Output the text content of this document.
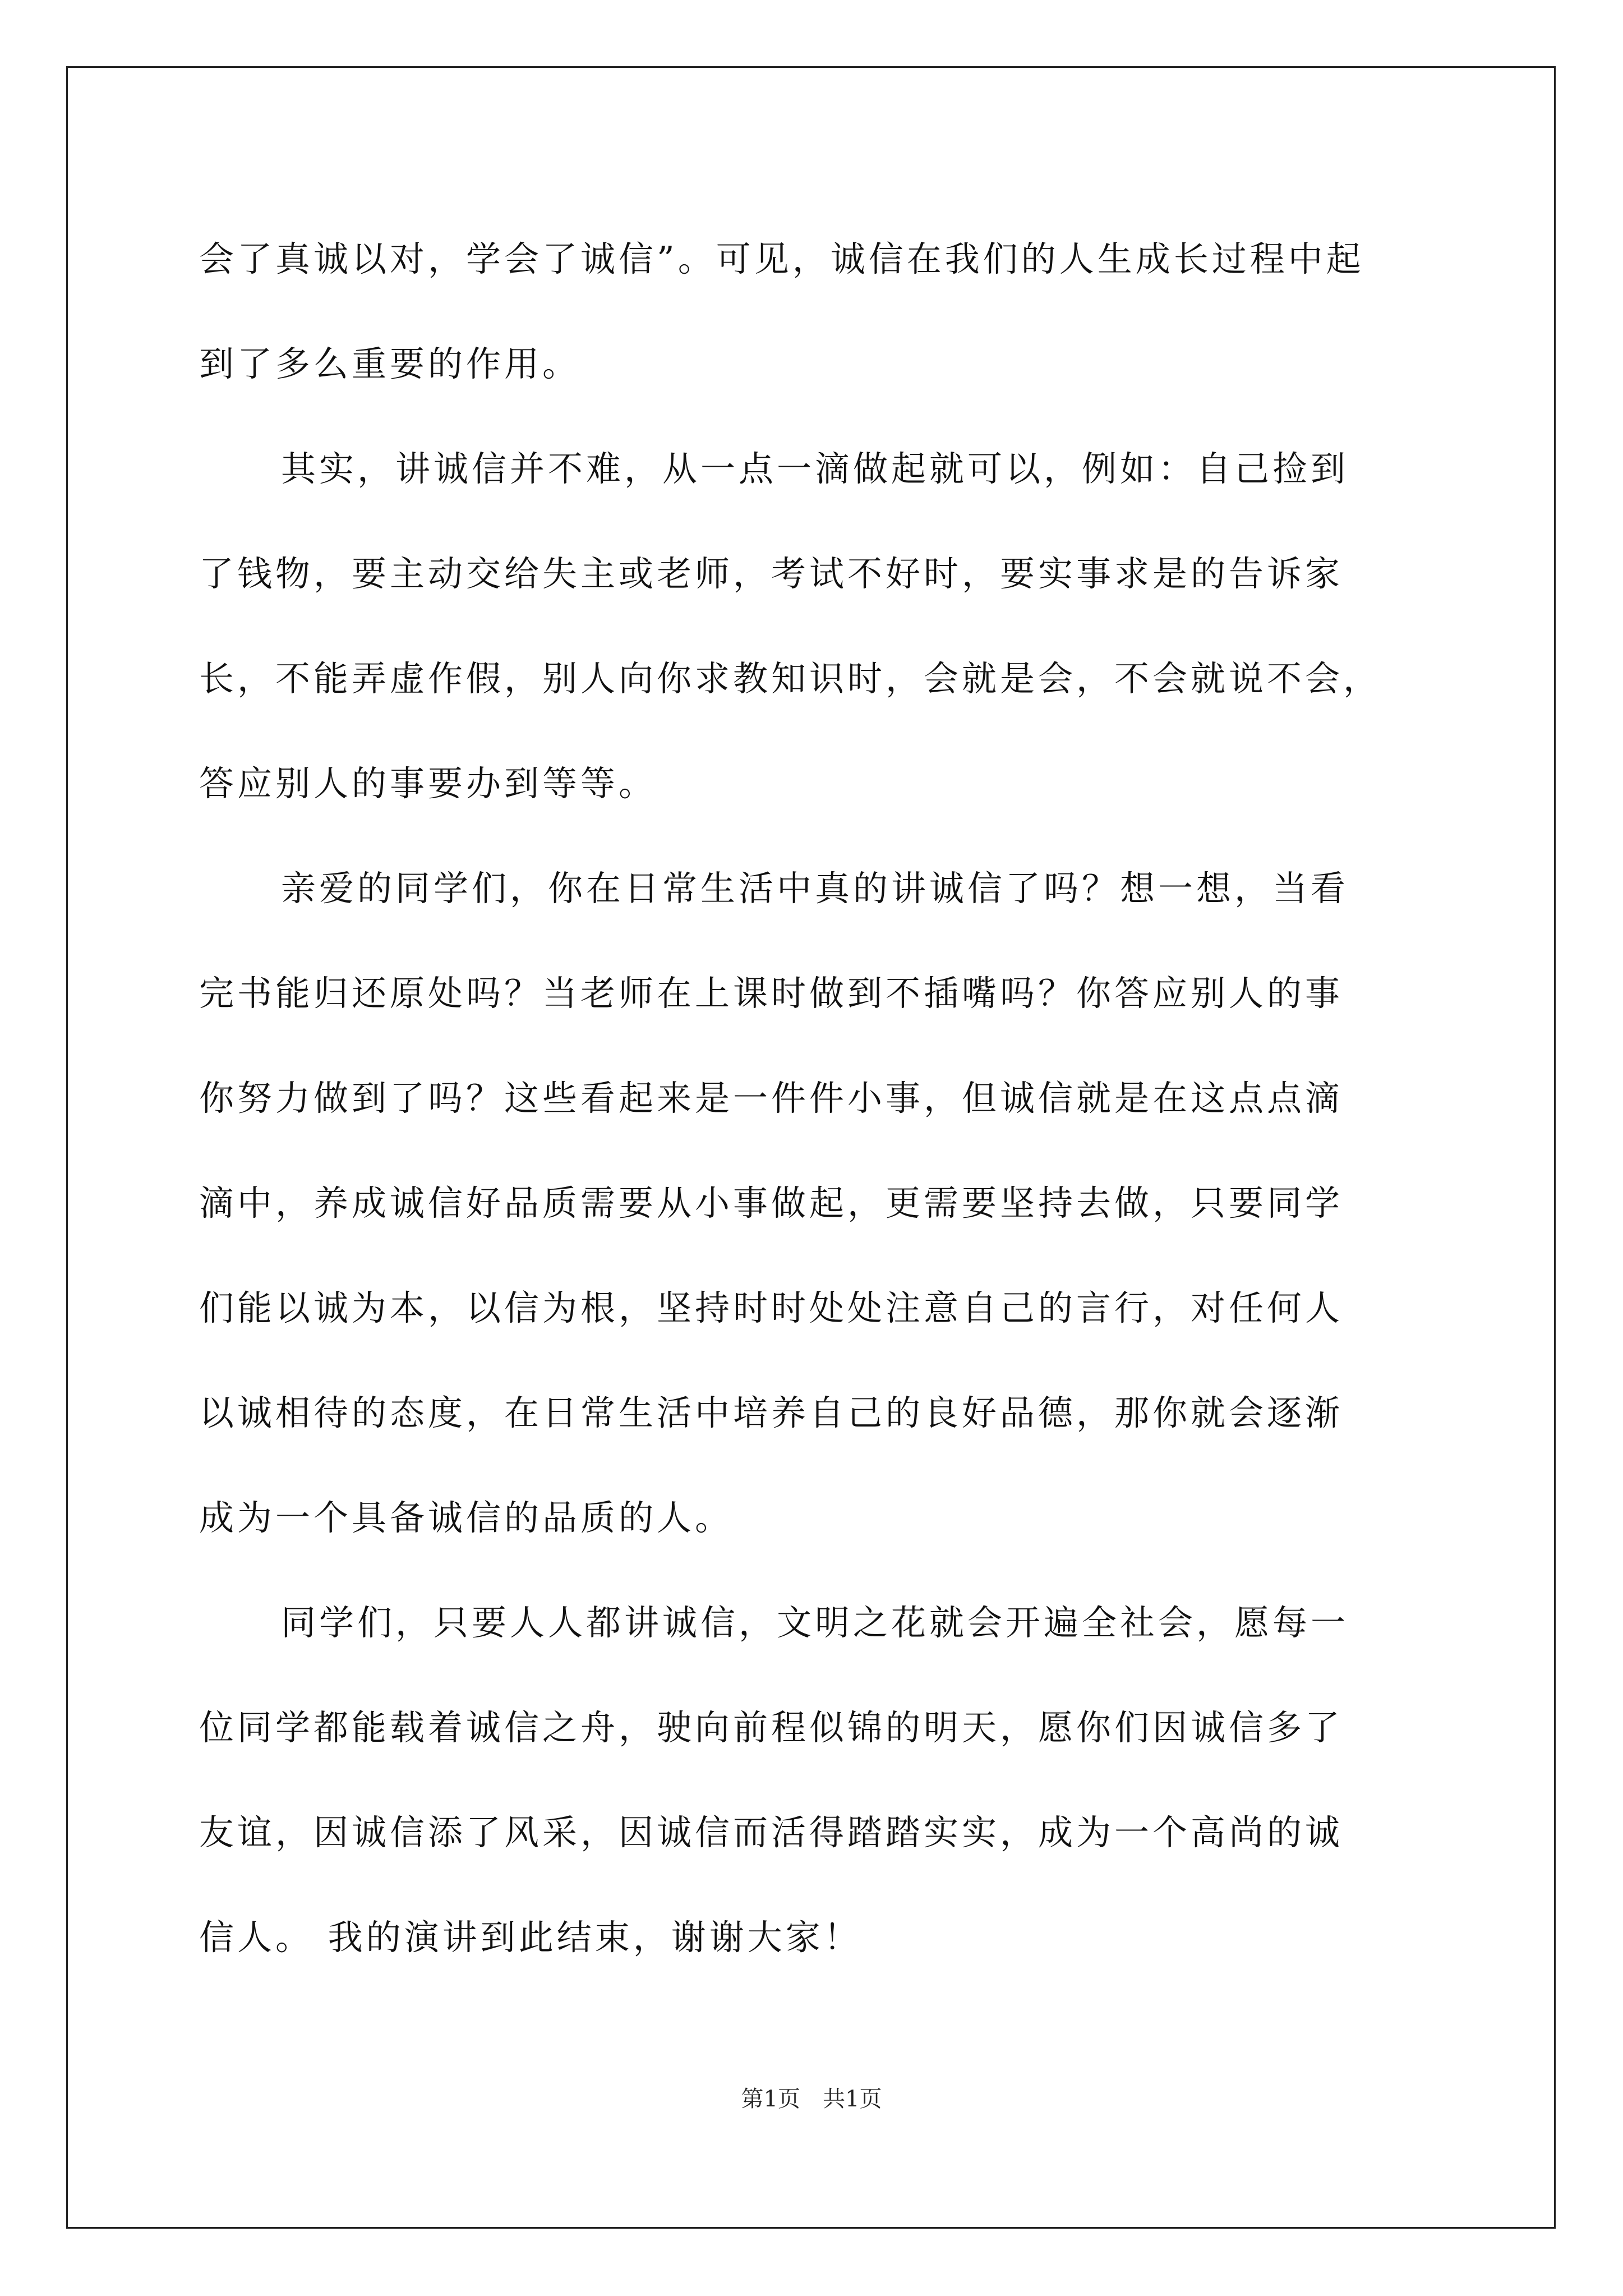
会了真诚以对，学会了诚信”。可见，诚信在我们的人生成长过程中起
到了多么重要的作用。
其实，讲诚信并不难，从一点一滴做起就可以，例如：自己捡到
了钱物，要主动交给失主或老师，考试不好时，要实事求是的告诉家
长，不能弄虚作假，别人向你求教知识时，会就是会，不会就说不会，
答应别人的事要办到等等。
亲爱的同学们，你在日常生活中真的讲诚信了吗？想一想，当看
完书能归还原处吗？当老师在上课时做到不插嘴吗？你答应别人的事
你努力做到了吗？这些看起来是一件件小事，但诚信就是在这点点滴
滴中，养成诚信好品质需要从小事做起，更需要坚持去做，只要同学
们能以诚为本，以信为根，坚持时时处处注意自己的言行，对任何人
以诚相待的态度，在日常生活中培养自己的良好品德，那你就会逐渐
成为一个具备诚信的品质的人。
同学们，只要人人都讲诚信，文明之花就会开遍全社会，愿每一
位同学都能载着诚信之舟，驶向前程似锦的明天，愿你们因诚信多了
友谊，因诚信添了风采，因诚信而活得踏踏实实，成为一个高尚的诚
信人。 我的演讲到此结束，谢谢大家！
第1页 共1页
